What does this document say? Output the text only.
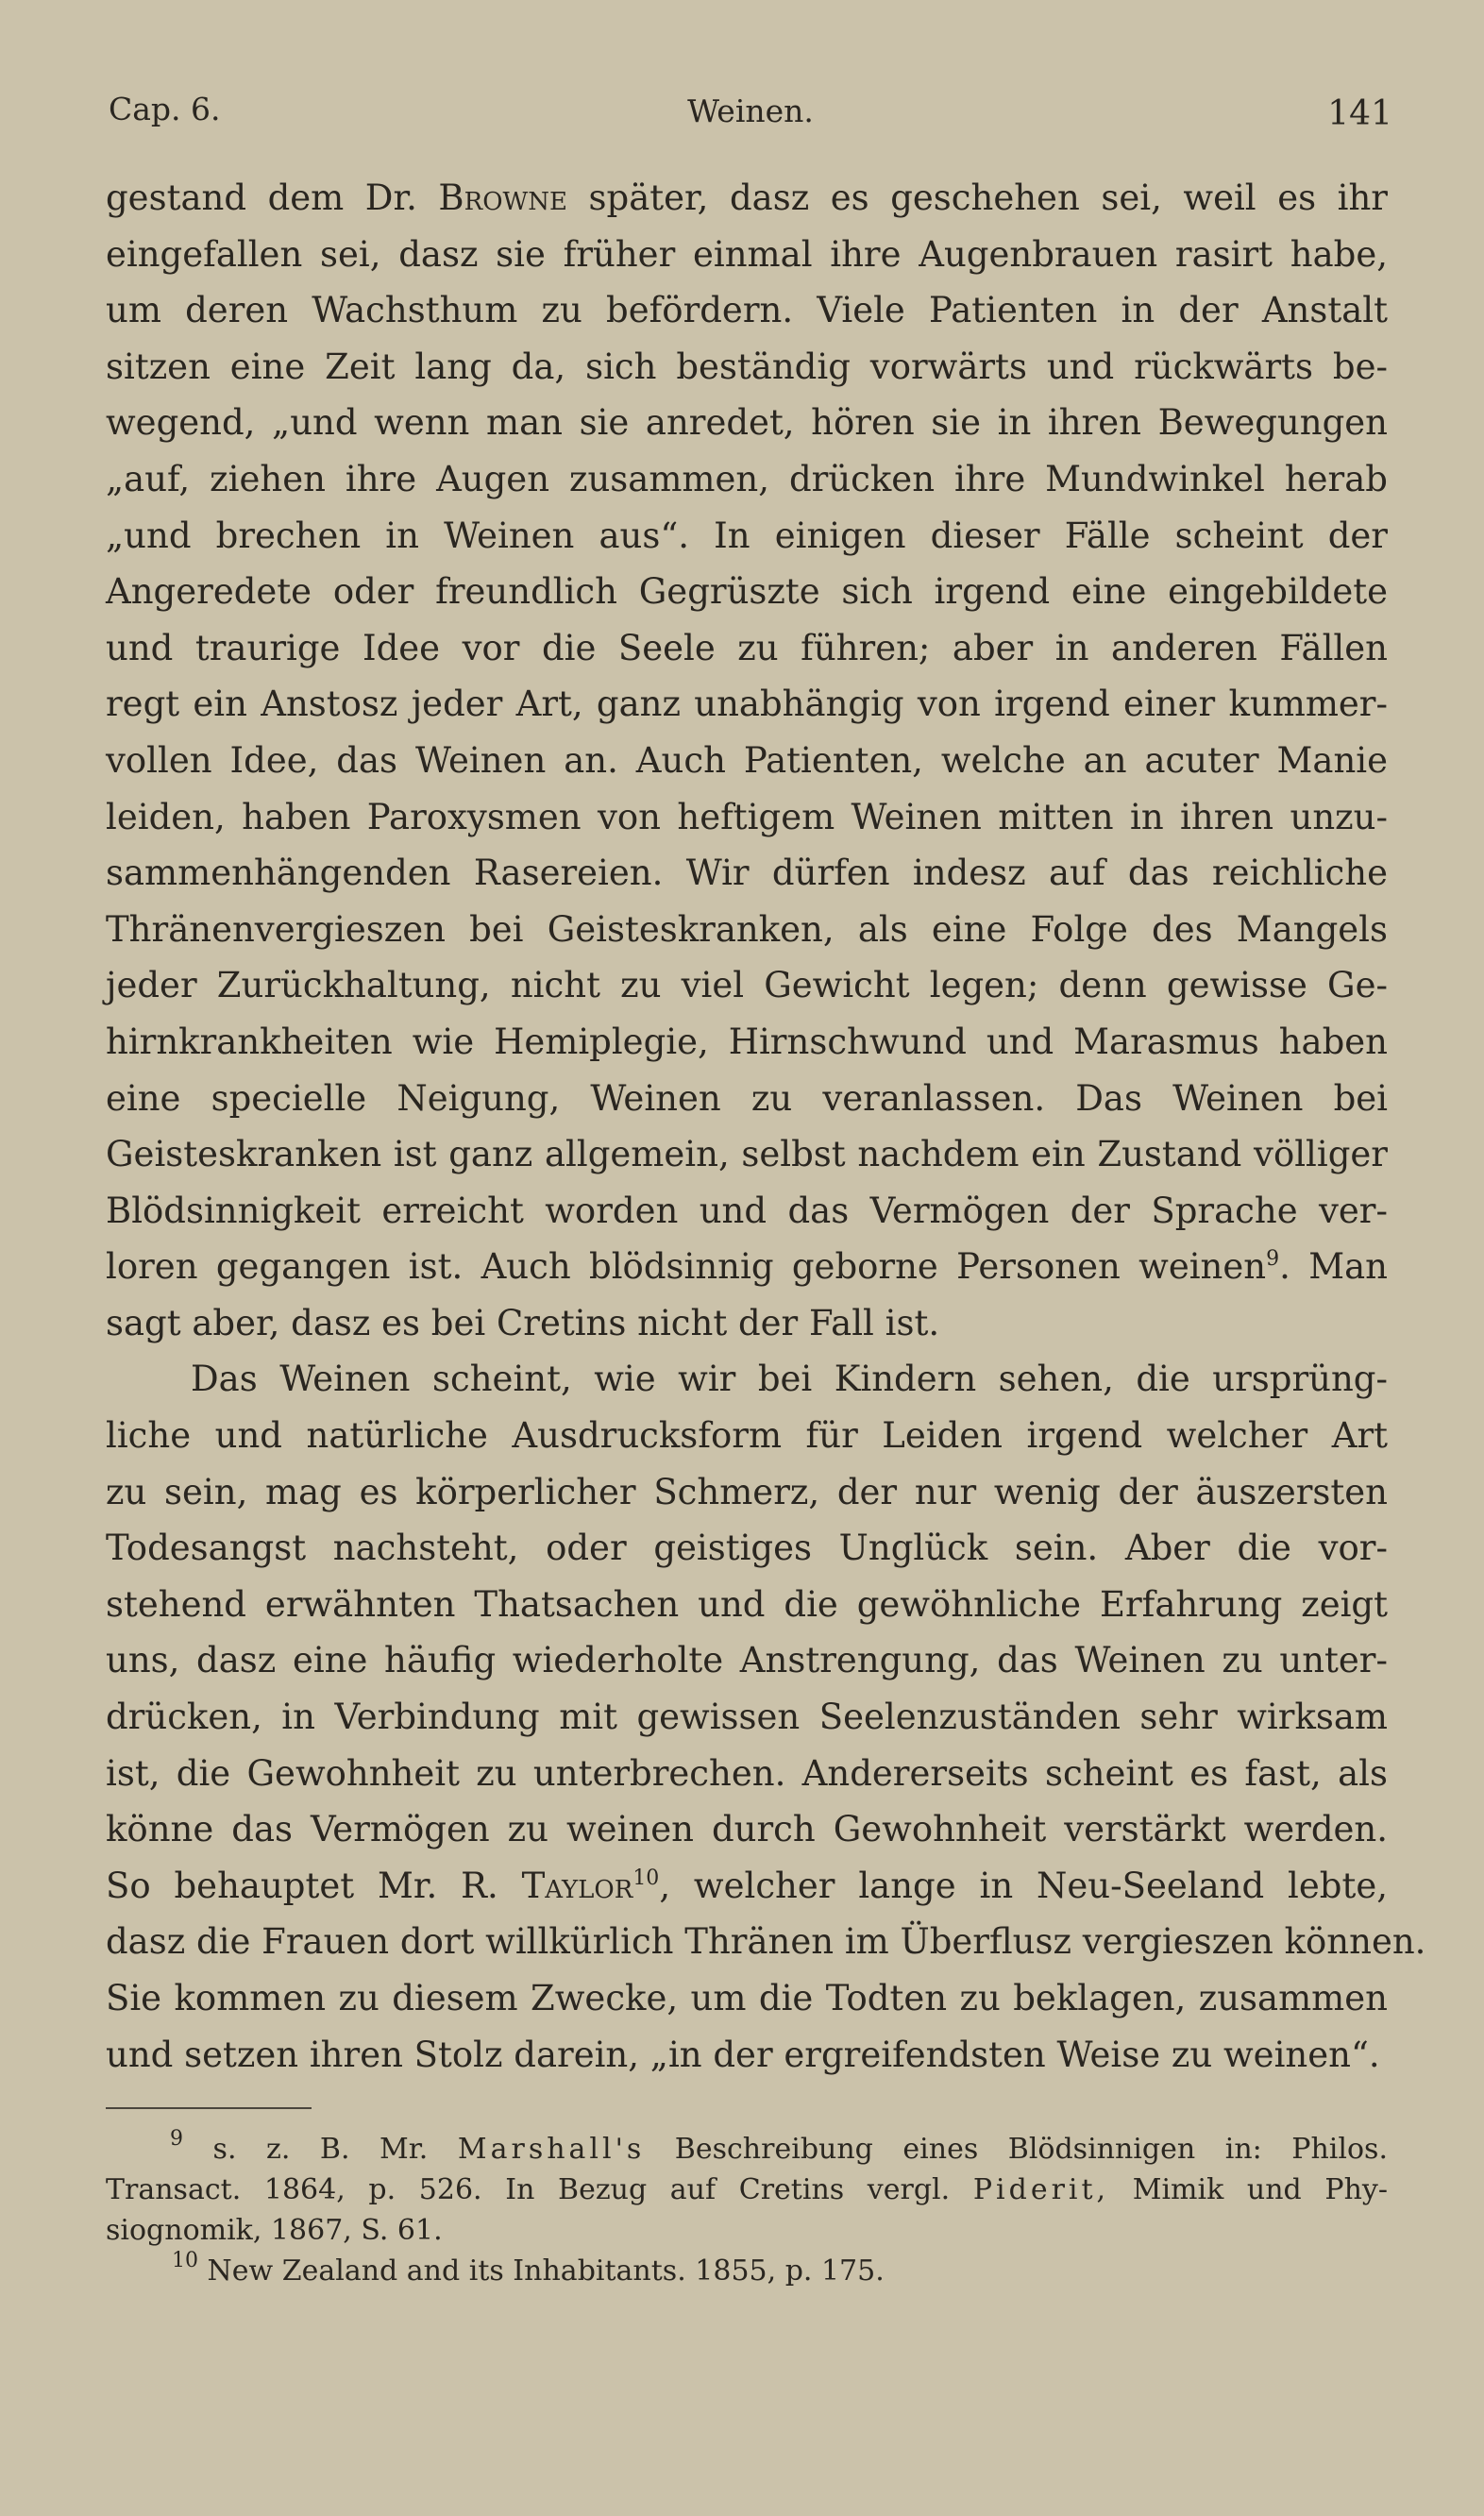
Cap. 6.	Weinen.	141
gestand dem Dr. Browne später, dasz es geschehen sei, weil es ihr
eingefallen sei, dasz sie früher einmal ihre Augenbrauen rasirt habe,
um deren Wachsthum zu befördern. Viele Patienten in der Anstalt
sitzen eine Zeit lang da, sich beständig vorwärts und rückwärts be-
wegend, „und wenn man sie anredet, hören sie in ihren Bewegungen
„auf, ziehen ihre Augen zusammen, drücken ihre Mundwinkel herab
„und brechen in Weinen aus“. In einigen dieser Fälle scheint der
Angeredete oder freundlich Gegrüszte sich irgend eine eingebildete
und traurige Idee vor die Seele zu führen; aber in anderen Fällen
regt ein Anstosz jeder Art, ganz unabhängig von irgend einer kummer-
vollen Idee, das Weinen an. Auch Patienten, welche an acuter Manie
leiden, haben Paroxysmen von heftigem Weinen mitten in ihren unzu-
sammenhängenden Rasereien. Wir dürfen indesz auf das reichliche
Thränenvergieszen bei Geisteskranken, als eine Folge des Mangels
jeder Zurückhaltung, nicht zu viel Gewicht legen; denn gewisse Ge-
hirnkrankheiten wie Hemiplegie, Hirnschwund und Marasmus haben
eine specielle Neigung, Weinen zu veranlassen. Das Weinen bei
Geisteskranken ist ganz allgemein, selbst nachdem ein Zustand völliger
Blödsinnigkeit erreicht worden und das Vermögen der Sprache ver-
loren gegangen ist. Auch blödsinnig geborne Personen weinen$^9$. Man
sagt aber, dasz es bei Cretins nicht der Fall ist.
Das Weinen scheint, wie wir bei Kindern sehen, die ursprüng-
liche und natürliche Ausdrucksform für Leiden irgend welcher Art
zu sein, mag es körperlicher Schmerz, der nur wenig der äuszersten
Todesangst nachsteht, oder geistiges Unglück sein. Aber die vor-
stehend erwähnten Thatsachen und die gewöhnliche Erfahrung zeigt
uns, dasz eine häufig wiederholte Anstrengung, das Weinen zu unter-
drücken, in Verbindung mit gewissen Seelenzuständen sehr wirksam
ist, die Gewohnheit zu unterbrechen. Andererseits scheint es fast, als
könne das Vermögen zu weinen durch Gewohnheit verstärkt werden.
So behauptet Mr. R. Taylor$^{10}$, welcher lange in Neu-Seeland lebte,
dasz die Frauen dort willkürlich Thränen im Überflusz vergieszen können.
Sie kommen zu diesem Zwecke, um die Todten zu beklagen, zusammen
und setzen ihren Stolz darein, „in der ergreifendsten Weise zu weinen“.
$^9$ s. z. B. Mr. Marshall's Beschreibung eines Blödsinnigen in: Philos.
Transact. 1864, p. 526. In Bezug auf Cretins vergl. Piderit, Mimik und Phy-
siognomik, 1867, S. 61.
$^{10}$ New Zealand and its Inhabitants. 1855, p. 175.
